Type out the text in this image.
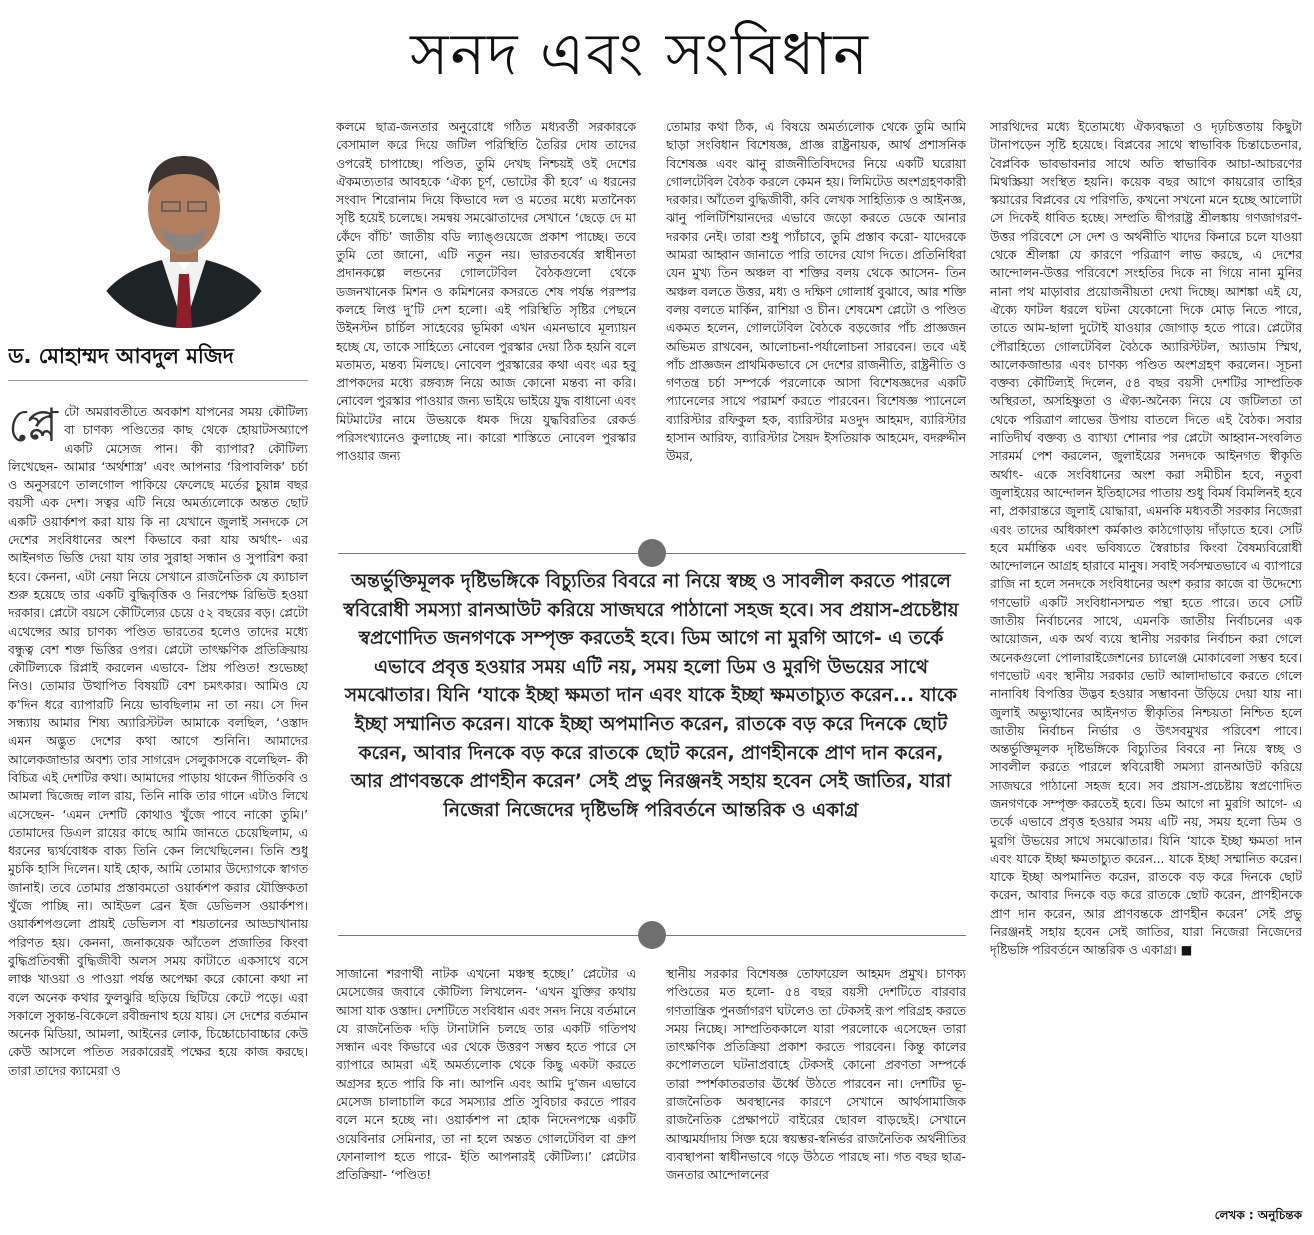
সনদ এবং সংবিধান
ড. মোহাম্মদ আবদুল মজিদ
প্লে টো অমরাবতীতে অবকাশ যাপনের সময় কৌটিল্য বা চাণক্য পণ্ডিতের কাছ থেকে হোয়াটসঅ্যাপে একটি মেসেজ পান। কী ব্যাপার? কৌটিল্য লিখেছেন- আমার ‘অর্থশাস্ত্র’ এবং আপনার ‘রিপাবলিক’ চর্চা ও অনুসরণে তালগোল পাকিয়ে ফেলেছে মর্তের চুয়ান্ন বছর বয়সী এক দেশ। সত্বর এটি নিয়ে অমর্ত্যলোকে অন্তত ছোট একটি ওয়ার্কশপ করা যায় কি না যেখানে জুলাই সনদকে সে দেশের সংবিধানের অংশ কিভাবে করা যায় অর্থাৎ- এর আইনগত ভিত্তি দেয়া যায় তার সুরাহা সন্ধান ও সুপারিশ করা হবে। কেননা, এটা নেয়া নিয়ে সেখানে রাজনৈতিক যে ক্যাচাল শুরু হয়েছে তার একটি বুদ্ধিবৃত্তিক ও নিরপেক্ষ রিভিউ হওয়া দরকার। প্লেটো বয়সে কৌটিল্যের চেয়ে ৫২ বছরের বড়। প্লেটো এথেন্সের আর চাণক্য পণ্ডিত ভারতের হলেও তাদের মধ্যে বন্ধুত্ব বেশ শক্ত ভিত্তির ওপর। প্লেটো তাৎক্ষণিক প্রতিক্রিয়ায় কৌটিল্যকে রিপ্লাই করলেন এভাবে- প্রিয় পণ্ডিত! শুভেচ্ছা নিও। তোমার উত্থাপিত বিষয়টি বেশ চমৎকার। আমিও যে ক’দিন ধরে ব্যাপারটি নিয়ে ভাবছিলাম না তা নয়। সে দিন সন্ধ্যায় আমার শিষ্য অ্যারিস্টটল আমাকে বলছিল, ‘ওস্তাদ এমন অদ্ভুত দেশের কথা আগে শুনিনি। আমাদের আলেকজান্ডার অবশ্য তার সাগরেদ সেলুকাসকে বলেছিল- কী বিচিত্র এই দেশটির কথা। আমাদের পাড়ায় থাকেন গীতিকবি ও আমলা দ্বিজেন্দ্র লাল রায়, তিনি নাকি তার গানে এটাও লিখে এসেছেন- ‘এমন দেশটি কোথাও খুঁজে পাবে নাকো তুমি।’ তোমাদের ডিএল রায়ের কাছে আমি জানতে চেয়েছিলাম, এ ধরনের দ্ব্যর্থবোধক বাক্য তিনি কেন লিখেছিলেন। তিনি শুধু মুচকি হাসি দিলেন। যাই হোক, আমি তোমার উদ্যোগকে স্বাগত জানাই। তবে তোমার প্রস্তাবমতো ওয়ার্কশপ করার যৌক্তিকতা খুঁজে পাচ্ছি না। আইডল ব্রেন ইজ ডেভিলস ওয়ার্কশপ। ওয়ার্কশপগুলো প্রায়ই ডেভিলস বা শয়তানের আড্ডাখানায় পরিণত হয়। কেননা, জনাকয়েক আঁতেল প্রজাতির কিংবা বুদ্ধিপ্রতিবন্ধী বুদ্ধিজীবী অলস সময় কাটাতে একসাথে বসে লাঞ্চ খাওয়া ও পাওয়া পর্যন্ত অপেক্ষা করে কোনো কথা না বলে অনেক কথার ফুলঝুরি ছড়িয়ে ছিটিয়ে কেটে পড়ে। এরা সকালে সুকান্ত-বিকেলে রবীন্দ্রনাথ হয়ে যায়। সে দেশের বর্তমান অনেক মিডিয়া, আমলা, আইনের লোক, চিচ্চোচোবাচ্চার কেউ কেউ আসলে পতিত সরকারেরই পক্ষের হয়ে কাজ করছে। তারা তাদের ক্যামেরা ও

কলমে ছাত্র-জনতার অনুরোধে গঠিত মধ্যবর্তী সরকারকে বেসামাল করে দিয়ে জটিল পরিস্থিতি তৈরির দোষ তাদের ওপরেই চাপাচ্ছে। পণ্ডিত, তুমি দেখছ নিশ্চয়ই ওই দেশের ঐকমত্যতার আবহকে ‘ঐক্য চূর্ণ, ভোটের কী হবে’ এ ধরনের সংবাদ শিরোনাম দিয়ে কিভাবে দল ও মতের মধ্যে মতানৈক্য সৃষ্টি হয়েই চলেছে। সমন্বয় সমঝোতাদের সেখানে ‘ছেড়ে দে মা কেঁদে বাঁচি’ জাতীয় বডি ল্যাঙ্গুয়েজে প্রকাশ পাচ্ছে। তবে তুমি তো জানো, এটি নতুন নয়। ভারতবর্ষের স্বাধীনতা প্রদানকল্পে লন্ডনের গোলটেবিল বৈঠকগুলো থেকে ডজনখানেক মিশন ও কমিশনের কসরতে শেষ পর্যন্ত পরস্পর কলহে লিপ্ত দু’টি দেশ হলো। এই পরিস্থিতি সৃষ্টির পেছনে উইনস্টন চার্চিল সাহেবের ভূমিকা এখন এমনভাবে মূল্যায়ন হচ্ছে যে, তাকে সাহিত্যে নোবেল পুরস্কার দেয়া ঠিক হয়নি বলে মতামত, মন্তব্য মিলছে। নোবেল পুরস্কারের কথা এবং এর হবু প্রাপকদের মধ্যে রঙ্গব্যঙ্গ নিয়ে আজ কোনো মন্তব্য না করি। নোবেল পুরস্কার পাওয়ার জন্য ভাইয়ে ভাইয়ে যুদ্ধ বাধানো এবং মিটমাটের নামে উভয়কে ধমক দিয়ে যুদ্ধবিরতির রেকর্ড পরিসংখ্যানেও কুলাচ্ছে না। কারো শাস্তিতে নোবেল পুরস্কার পাওয়ার জন্য

তোমার কথা ঠিক, এ বিষয়ে অমর্ত্যলোক থেকে তুমি আমি ছাড়া সংবিধান বিশেষজ্ঞ, প্রাজ্ঞ রাষ্ট্রনায়ক, আর্থ প্রশাসনিক বিশেষজ্ঞ এবং ঝানু রাজনীতিবিদদের নিয়ে একটি ঘরোয়া গোলটেবিল বৈঠক করলে কেমন হয়। লিমিটেড অংশগ্রহণকারী দরকার। আঁতেল বুদ্ধিজীবী, কবি লেখক সাহিত্যিক ও আইনজ্ঞ, ঝানু পলিটিশিয়ানদের এভাবে জড়ো করতে ডেকে আনার দরকার নেই। তারা শুধু প্যাঁচাবে, তুমি প্রস্তাব করো- যাদেরকে আমরা আহ্বান জানাতে পারি তাদের যোগ দিতে। প্রতিনিধিরা যেন মুখ্য তিন অঞ্চল বা শক্তির বলয় থেকে আসেন- তিন অঞ্চল বলতে উত্তর, মধ্য ও দক্ষিণ গোলার্ধ বুঝাবে, আর শক্তি বলয় বলতে মার্কিন, রাশিয়া ও চীন। শেষমেশ প্লেটো ও পণ্ডিত একমত হলেন, গোলটেবিল বৈঠকে বড়জোর পাঁচ প্রাজ্ঞজন অভিমত রাখবেন, আলোচনা-পর্যালোচনা সারবেন। তবে এই পাঁচ প্রাজ্ঞজন প্রাথমিকভাবে সে দেশের রাজনীতি, রাষ্ট্রনীতি ও গণতন্ত্র চর্চা সম্পর্কে পরলোকে আসা বিশেষজ্ঞদের একটি প্যানেলের সাথে পরামর্শ করতে পারবেন। বিশেষজ্ঞ প্যানেলে ব্যারিস্টার রফিকুল হক, ব্যারিস্টার মওদুদ আহমদ, ব্যারিস্টার হাসান আরিফ, ব্যারিস্টার সৈয়দ ইসতিয়াক আহমেদ, বদরুদ্দীন উমর,

অন্তর্ভুক্তিমূলক দৃষ্টিভঙ্গিকে বিচ্যুতির বিবরে না নিয়ে স্বচ্ছ ও সাবলীল করতে পারলে স্ববিরোধী সমস্যা রানআউট করিয়ে সাজঘরে পাঠানো সহজ হবে। সব প্রয়াস-প্রচেষ্টায় স্বপ্রণোদিত জনগণকে সম্পৃক্ত করতেই হবে। ডিম আগে না মুরগি আগে- এ তর্কে এভাবে প্রবৃত্ত হওয়ার সময় এটি নয়, সময় হলো ডিম ও মুরগি উভয়ের সাথে সমঝোতার। যিনি ‘যাকে ইচ্ছা ক্ষমতা দান এবং যাকে ইচ্ছা ক্ষমতাচ্যুত করেন... যাকে ইচ্ছা সম্মানিত করেন। যাকে ইচ্ছা অপমানিত করেন, রাতকে বড় করে দিনকে ছোট করেন, আবার দিনকে বড় করে রাতকে ছোট করেন, প্রাণহীনকে প্রাণ দান করেন, আর প্রাণবন্তকে প্রাণহীন করেন’ সেই প্রভু নিরঞ্জনই সহায় হবেন সেই জাতির, যারা নিজেরা নিজেদের দৃষ্টিভঙ্গি পরিবর্তনে আন্তরিক ও একাগ্র

সাজানো শরণার্থী নাটক এখনো মঞ্চস্থ হচ্ছে।’ প্লেটোর এ মেসেজের জবাবে কৌটিল্য লিখলেন- ‘এখন যুক্তির কথায় আসা যাক ওস্তাদ। দেশটিতে সংবিধান এবং সনদ নিয়ে বর্তমানে যে রাজনৈতিক দড়ি টানাটানি চলছে তার একটি গতিপথ সন্ধান এবং কিভাবে এর থেকে উত্তরণ সম্ভব হতে পারে সে ব্যাপারে আমরা এই অমর্ত্যলোক থেকে কিছু একটা করতে অগ্রসর হতে পারি কি না। আপনি এবং আমি দু’জন এভাবে মেসেজ চালাচালি করে সমস্যার প্রতি সুবিচার করতে পারব বলে মনে হচ্ছে না। ওয়ার্কশপ না হোক নিদেনপক্ষে একটি ওয়েবিনার সেমিনার, তা না হলে অন্তত গোলটেবিল বা গ্রুপ ফোনালাপ হতে পারে- ইতি আপনারই কৌটিল্য।’ প্লেটোর প্রতিক্রিয়া- ‘পণ্ডিত!

স্থানীয় সরকার বিশেষজ্ঞ তোফায়েল আহমদ প্রমুখ। চাণক্য পণ্ডিতের মত হলো- ৫৪ বছর বয়সী দেশটিতে বারবার গণতান্ত্রিক পুনর্জাগরণ ঘটলেও তা টেকসই রূপ পরিগ্রহ করতে সময় নিচ্ছে। সাম্প্রতিককালে যারা পরলোকে এসেছেন তারা তাৎক্ষণিক প্রতিক্রিয়া প্রকাশ করতে পারবেন। কিন্তু কালের কপোলতলে ঘটনাপ্রবাহে টেকসই কোনো প্রবণতা সম্পর্কে তারা স্পর্শকাতরতার ঊর্ধ্বে উঠতে পারবেন না। দেশটির ভূ-রাজনৈতিক অবস্থানের কারণে সেখানে আর্থসামাজিক রাজনৈতিক প্রেক্ষাপটে বাইরের ছোবল বাড়ছেই। সেখানে আত্মমর্যাদায় সিক্ত হয়ে স্বয়ম্ভর-স্বনির্ভর রাজনৈতিক অর্থনীতির ব্যবস্থাপনা স্বাধীনভাবে গড়ে উঠতে পারছে না। গত বছর ছাত্র-জনতার আন্দোলনের

সারথিদের মধ্যে ইতোমধ্যে ঐক্যবদ্ধতা ও দৃঢ়চিত্ততায় কিছুটা টানাপড়েন সৃষ্টি হয়েছে। বিপ্লবের সাথে স্বাভাবিক চিন্তাচেতনার, বৈপ্লবিক ভাবভাবনার সাথে অতি স্বাভাবিক আচা-আচরণের মিথস্ক্রিয়া সংস্থিত হয়নি। কয়েক বছর আগে কায়রোর তাহির স্কয়ারের বিপ্লবের যে পরিণতি, কখনো সখনো মনে হচ্ছে আলোটা সে দিকেই ধাবিত হচ্ছে। সম্প্রতি দ্বীপরাষ্ট্র শ্রীলঙ্কায় গণজাগরণ-উত্তর পরিবেশে সে দেশ ও অর্থনীতি খাদের কিনারে চলে যাওয়া থেকে শ্রীলঙ্কা যে কারণে পরিত্রাণ লাভ করছে, এ দেশের আন্দোলন-উত্তর পরিবেশে সংহতির দিকে না গিয়ে নানা মুনির নানা পথ মাড়াবার প্রয়োজনীয়তা দেখা দিচ্ছে। আশঙ্কা এই যে, ঐক্যে ফাটল ধরলে ঘটনা যেকোনো দিকে মোড় নিতে পারে, তাতে আম-ছালা দুটোই যাওয়ার জোগাড় হতে পারে। প্লেটোর পৌরাহিত্যে গোলটেবিল বৈঠকে অ্যারিস্টটল, অ্যাডাম স্মিথ, আলেকজান্ডার এবং চাণক্য পণ্ডিত অংশগ্রহণ করলেন। সূচনা বক্তব্য কৌটিল্যই দিলেন, ৫৪ বছর বয়সী দেশটির সাম্প্রতিক অস্থিরতা, অসহিষ্ণুতা ও ঐক্য-অনৈক্য নিয়ে যে জটিলতা তা থেকে পরিত্রাণ লাভের উপায় বাতলে দিতে এই বৈঠক। সবার নাতিদীর্ঘ বক্তব্য ও ব্যাখ্যা শোনার পর প্লেটো আহ্বান-সংবলিত সারমর্ম পেশ করলেন, জুলাইয়ের সনদকে আইনগত স্বীকৃতি অর্থাৎ- একে সংবিধানের অংশ করা সমীচীন হবে, নতুবা জুলাইয়ের আন্দোলন ইতিহাসের পাতায় শুধু বিমর্ষ বিমলিনই হবে না, প্রকারান্তরে জুলাই যোদ্ধারা, এমনকি মধ্যবর্তী সরকার নিজেরা এবং তাদের অধিকাংশ কর্মকাণ্ড কাঠগোড়ায় দাঁড়াতে হবে। সেটি হবে মর্মান্তিক এবং ভবিষ্যতে স্বৈরাচার কিংবা বৈষম্যবিরোধী আন্দোলনে আগ্রহ হারাবে মানুষ। সবাই সর্বসম্মতভাবে এ ব্যাপারে রাজি না হলে সনদকে সংবিধানের অংশ করার কাজে বা উদ্দেশ্যে গণভোট একটি সংবিধানসম্মত পন্থা হতে পারে। তবে সেটি জাতীয় নির্বাচনের সাথে, এমনকি জাতীয় নির্বাচনের এক আয়োজন, এক অর্থ ব্যয়ে স্থানীয় সরকার নির্বাচন করা গেলে অনেকগুলো পোলারাইজেশনের চ্যালেঞ্জ মোকাবেলা সম্ভব হবে। গণভোট এবং স্থানীয় সরকার ভোট আলাদাভাবে করতে গেলে নানাবিধ বিপত্তির উদ্ভব হওয়ার সম্ভাবনা উড়িয়ে দেয়া যায় না। জুলাই অভ্যুত্থানের আইনগত স্বীকৃতির নিশ্চয়তা নিশ্চিত হলে জাতীয় নির্বাচন নির্ভার ও উৎসবমুখর পরিবেশ পাবে। অন্তর্ভুক্তিমূলক দৃষ্টিভঙ্গিকে বিচ্যুতির বিবরে না নিয়ে স্বচ্ছ ও সাবলীল করতে পারলে স্ববিরোধী সমস্যা রানআউট করিয়ে সাজঘরে পাঠানো সহজ হবে। সব প্রয়াস-প্রচেষ্টায় স্বপ্রণোদিত জনগণকে সম্পৃক্ত করতেই হবে। ডিম আগে না মুরগি আগে- এ তর্কে এভাবে প্রবৃত্ত হওয়ার সময় এটি নয়, সময় হলো ডিম ও মুরগি উভয়ের সাথে সমঝোতার। যিনি ‘যাকে ইচ্ছা ক্ষমতা দান এবং যাকে ইচ্ছা ক্ষমতাচ্যুত করেন... যাকে ইচ্ছা সম্মানিত করেন। যাকে ইচ্ছা অপমানিত করেন, রাতকে বড় করে দিনকে ছোট করেন, আবার দিনকে বড় করে রাতকে ছোট করেন, প্রাণহীনকে প্রাণ দান করেন, আর প্রাণবন্তকে প্রাণহীন করেন’ সেই প্রভু নিরঞ্জনই সহায় হবেন সেই জাতির, যারা নিজেরা নিজেদের দৃষ্টিভঙ্গি পরিবর্তনে আন্তরিক ও একাগ্র। ■

লেখক : অনুচিন্তক
